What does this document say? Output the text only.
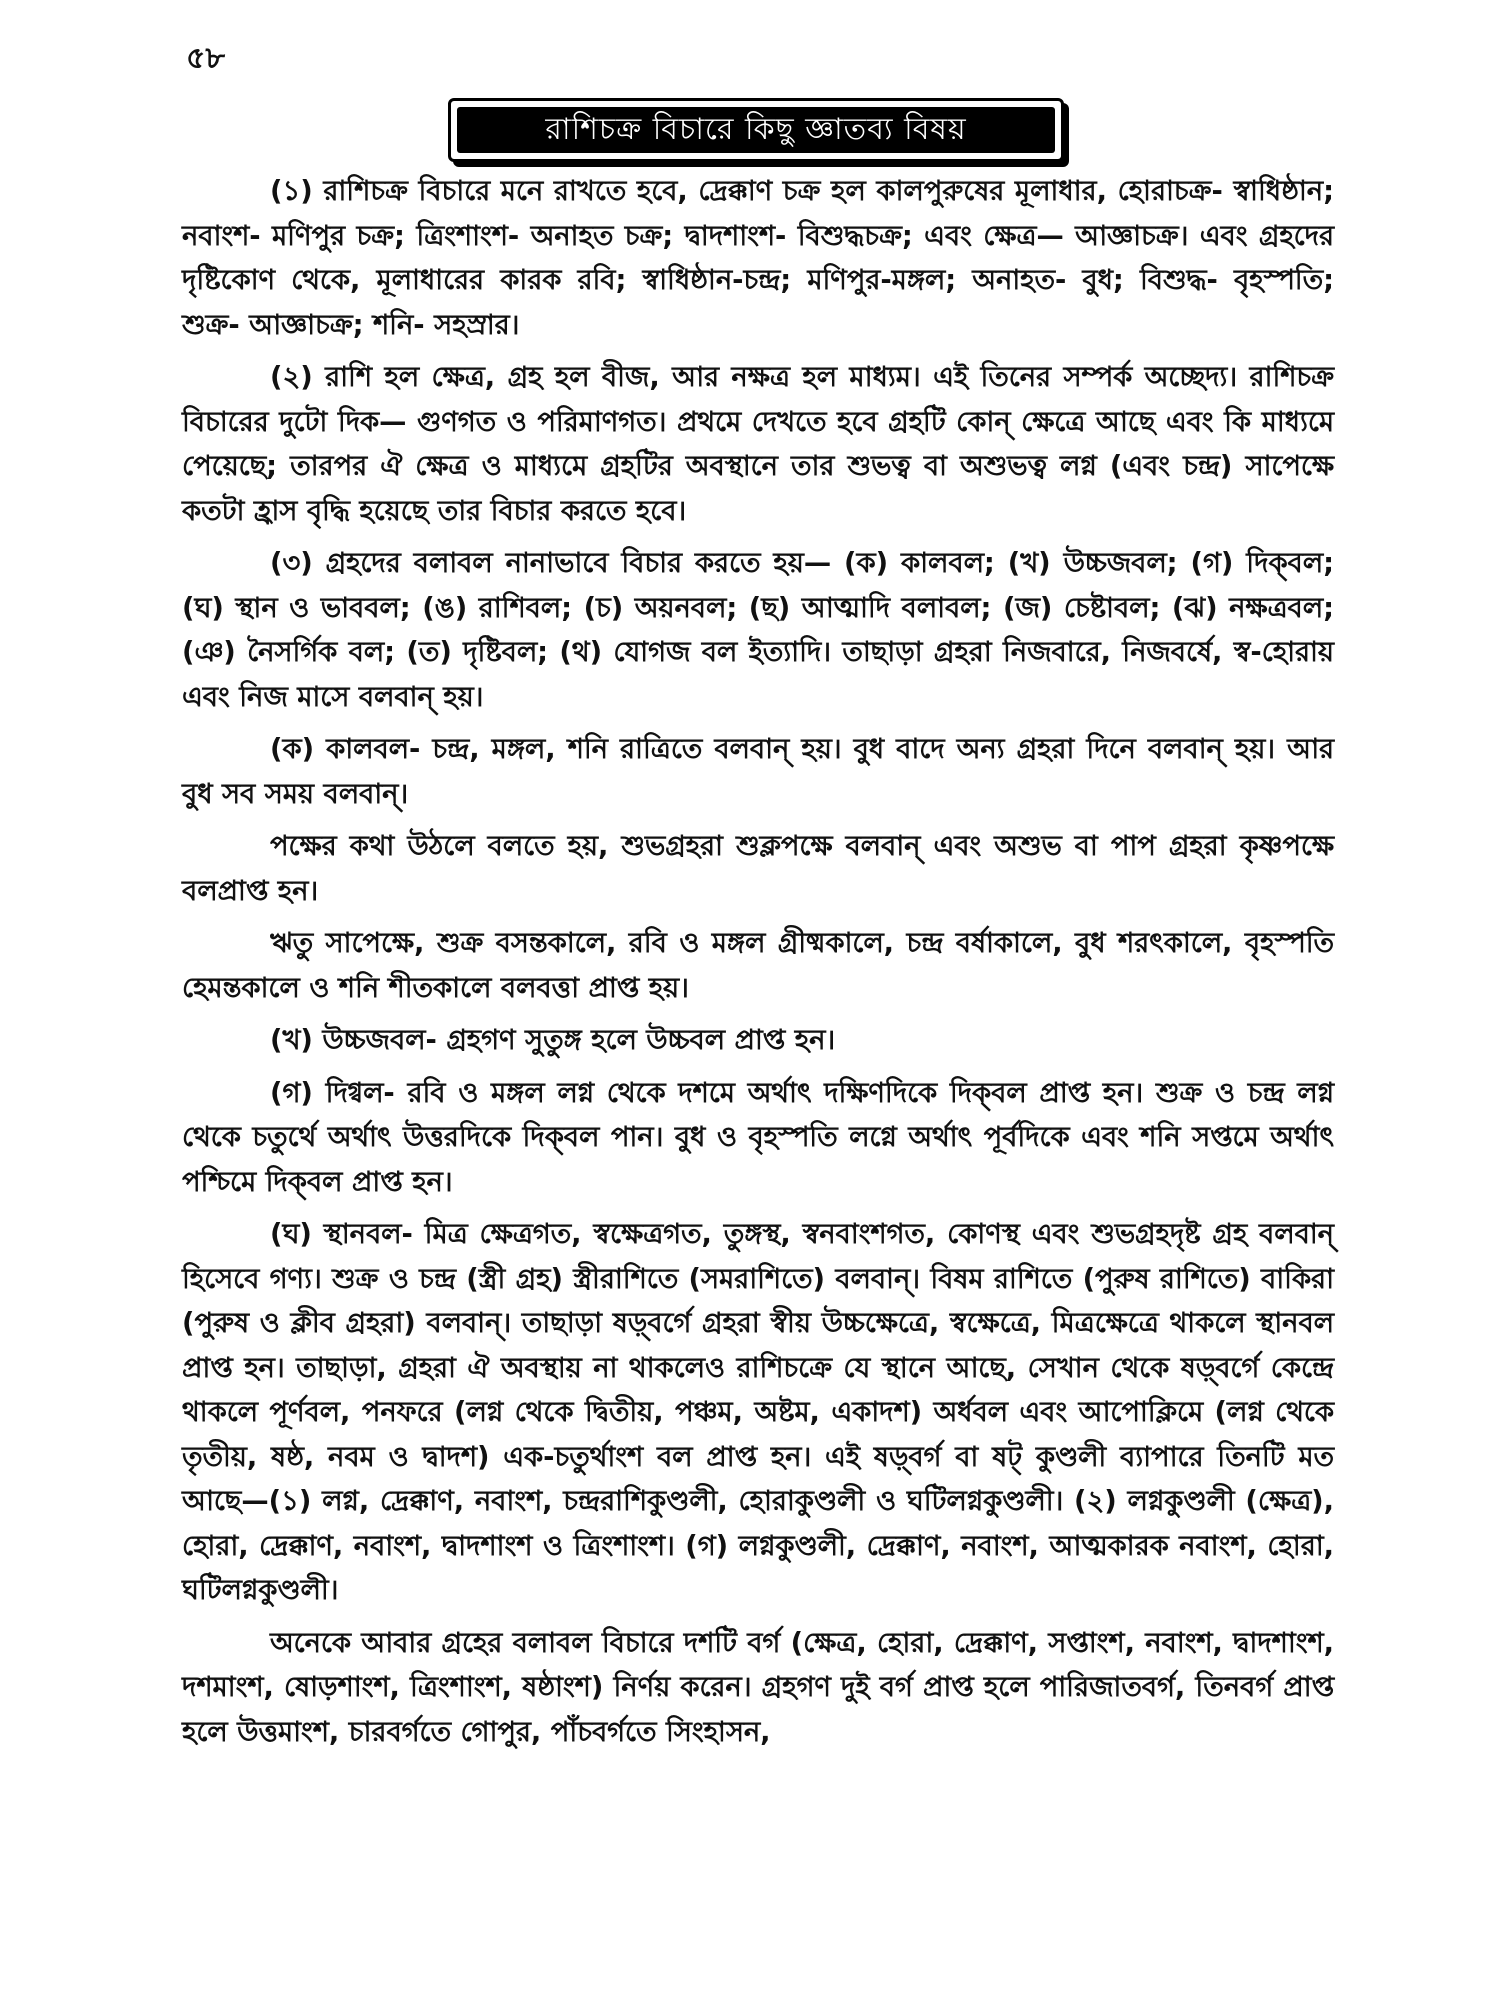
৫৮
রাশিচক্র বিচারে কিছু জ্ঞাতব্য বিষয়

(১) রাশিচক্র বিচারে মনে রাখতে হবে, দ্রেক্কাণ চক্র হল কালপুরুষের মূলাধার, হোরাচক্র- স্বাধিষ্ঠান; নবাংশ- মণিপুর চক্র; ত্রিংশাংশ- অনাহত চক্র; দ্বাদশাংশ- বিশুদ্ধচক্র; এবং ক্ষেত্র— আজ্ঞাচক্র। এবং গ্রহদের দৃষ্টিকোণ থেকে, মূলাধারের কারক রবি; স্বাধিষ্ঠান-চন্দ্র; মণিপুর-মঙ্গল; অনাহত- বুধ; বিশুদ্ধ- বৃহস্পতি; শুক্র- আজ্ঞাচক্র; শনি- সহস্রার।

(২) রাশি হল ক্ষেত্র, গ্রহ হল বীজ, আর নক্ষত্র হল মাধ্যম। এই তিনের সম্পর্ক অচ্ছেদ্য। রাশিচক্র বিচারের দুটো দিক— গুণগত ও পরিমাণগত। প্রথমে দেখতে হবে গ্রহটি কোন্ ক্ষেত্রে আছে এবং কি মাধ্যমে পেয়েছে; তারপর ঐ ক্ষেত্র ও মাধ্যমে গ্রহটির অবস্থানে তার শুভত্ব বা অশুভত্ব লগ্ন (এবং চন্দ্র) সাপেক্ষে কতটা হ্রাস বৃদ্ধি হয়েছে তার বিচার করতে হবে।

(৩) গ্রহদের বলাবল নানাভাবে বিচার করতে হয়— (ক) কালবল; (খ) উচ্চজবল; (গ) দিক্‌বল; (ঘ) স্থান ও ভাববল; (ঙ) রাশিবল; (চ) অয়নবল; (ছ) আত্মাদি বলাবল; (জ) চেষ্টাবল; (ঝ) নক্ষত্রবল; (ঞ) নৈসর্গিক বল; (ত) দৃষ্টিবল; (থ) যোগজ বল ইত্যাদি। তাছাড়া গ্রহরা নিজবারে, নিজবর্ষে, স্ব-হোরায় এবং নিজ মাসে বলবান্ হয়।

(ক) কালবল- চন্দ্র, মঙ্গল, শনি রাত্রিতে বলবান্ হয়। বুধ বাদে অন্য গ্রহরা দিনে বলবান্ হয়। আর বুধ সব সময় বলবান্।

পক্ষের কথা উঠলে বলতে হয়, শুভগ্রহরা শুক্লপক্ষে বলবান্ এবং অশুভ বা পাপ গ্রহরা কৃষ্ণপক্ষে বলপ্রাপ্ত হন।

ঋতু সাপেক্ষে, শুক্র বসন্তকালে, রবি ও মঙ্গল গ্রীষ্মকালে, চন্দ্র বর্ষাকালে, বুধ শরৎকালে, বৃহস্পতি হেমন্তকালে ও শনি শীতকালে বলবত্তা প্রাপ্ত হয়।

(খ) উচ্চজবল- গ্রহগণ সুতুঙ্গ হলে উচ্চবল প্রাপ্ত হন।

(গ) দিগ্বল- রবি ও মঙ্গল লগ্ন থেকে দশমে অর্থাৎ দক্ষিণদিকে দিক্‌বল প্রাপ্ত হন। শুক্র ও চন্দ্র লগ্ন থেকে চতুর্থে অর্থাৎ উত্তরদিকে দিক্‌বল পান। বুধ ও বৃহস্পতি লগ্নে অর্থাৎ পূর্বদিকে এবং শনি সপ্তমে অর্থাৎ পশ্চিমে দিক্‌বল প্রাপ্ত হন।

(ঘ) স্থানবল- মিত্র ক্ষেত্রগত, স্বক্ষেত্রগত, তুঙ্গস্থ, স্বনবাংশগত, কোণস্থ এবং শুভগ্রহদৃষ্ট গ্রহ বলবান্ হিসেবে গণ্য। শুক্র ও চন্দ্র (স্ত্রী গ্রহ) স্ত্রীরাশিতে (সমরাশিতে) বলবান্। বিষম রাশিতে (পুরুষ রাশিতে) বাকিরা (পুরুষ ও ক্লীব গ্রহরা) বলবান্। তাছাড়া ষড়্‌বর্গে গ্রহরা স্বীয় উচ্চক্ষেত্রে, স্বক্ষেত্রে, মিত্রক্ষেত্রে থাকলে স্থানবল প্রাপ্ত হন। তাছাড়া, গ্রহরা ঐ অবস্থায় না থাকলেও রাশিচক্রে যে স্থানে আছে, সেখান থেকে ষড়্‌বর্গে কেন্দ্রে থাকলে পূর্ণবল, পনফরে (লগ্ন থেকে দ্বিতীয়, পঞ্চম, অষ্টম, একাদশ) অর্ধবল এবং আপোক্লিমে (লগ্ন থেকে তৃতীয়, ষষ্ঠ, নবম ও দ্বাদশ) এক-চতুর্থাংশ বল প্রাপ্ত হন। এই ষড়্‌বর্গ বা ষট্ কুণ্ডলী ব্যাপারে তিনটি মত আছে—(১) লগ্ন, দ্রেক্কাণ, নবাংশ, চন্দ্ররাশিকুণ্ডলী, হোরাকুণ্ডলী ও ঘটিলগ্নকুণ্ডলী। (২) লগ্নকুণ্ডলী (ক্ষেত্র), হোরা, দ্রেক্কাণ, নবাংশ, দ্বাদশাংশ ও ত্রিংশাংশ। (গ) লগ্নকুণ্ডলী, দ্রেক্কাণ, নবাংশ, আত্মকারক নবাংশ, হোরা, ঘটিলগ্নকুণ্ডলী।

অনেকে আবার গ্রহের বলাবল বিচারে দশটি বর্গ (ক্ষেত্র, হোরা, দ্রেক্কাণ, সপ্তাংশ, নবাংশ, দ্বাদশাংশ, দশমাংশ, ষোড়শাংশ, ত্রিংশাংশ, ষষ্ঠাংশ) নির্ণয় করেন। গ্রহগণ দুই বর্গ প্রাপ্ত হলে পারিজাতবর্গ, তিনবর্গ প্রাপ্ত হলে উত্তমাংশ, চারবর্গতে গোপুর, পাঁচবর্গতে সিংহাসন,
